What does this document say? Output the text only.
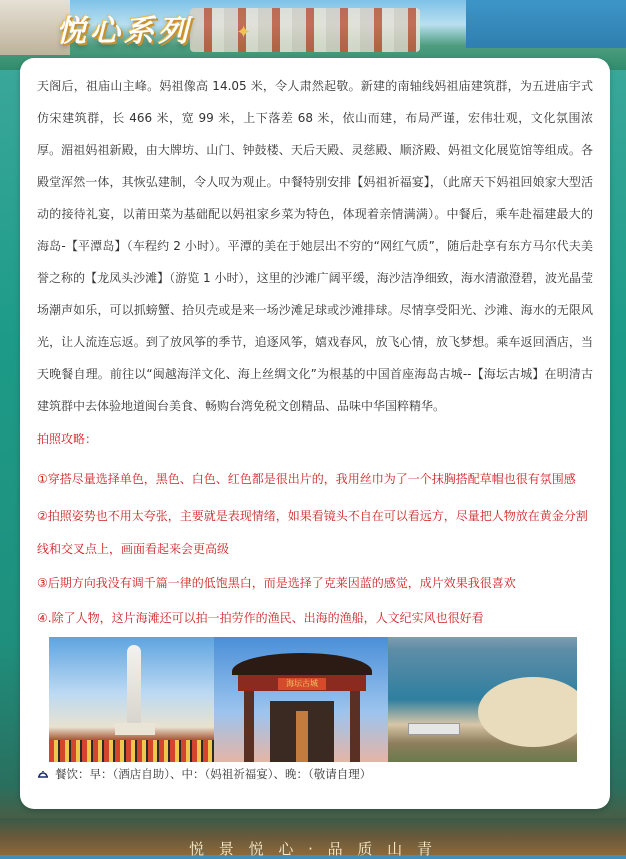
悦心系列 ✦

天阁后，祖庙山主峰。妈祖像高 14.05 米，令人肃然起敬。新建的南轴线妈祖庙建筑群，为五进庙宇式仿宋建筑群，长 466 米，宽 99 米，上下落差 68 米，依山而建，布局严谨，宏伟壮观，文化氛围浓厚。湄祖妈祖新殿，由大牌坊、山门、钟鼓楼、天后天殿、灵慈殿、顺济殿、妈祖文化展览馆等组成。各殿堂浑然一体，其恢弘建制，令人叹为观止。中餐特别安排【妈祖祈福宴】，（此席天下妈祖回娘家大型活动的接待礼宴，以莆田菜为基础配以妈祖家乡菜为特色，体现着亲情满满）。中餐后，乘车赴福建最大的海岛-【平潭岛】（车程约 2 小时）。平潭的美在于她层出不穷的“网红气质”，随后赴享有东方马尔代夫美誉之称的【龙凤头沙滩】（游览 1 小时），这里的沙滩广阔平缓，海沙洁净细致，海水清澈澄碧，波光晶莹场潮声如乐，可以抓螃蟹、拾贝壳或是来一场沙滩足球或沙滩排球。尽情享受阳光、沙滩、海水的无限风光，让人流连忘返。到了放风筝的季节，追逐风筝，嬉戏春风，放飞心情，放飞梦想。乘车返回酒店，当天晚餐自理。前往以“闽越海洋文化、海上丝绸文化”为根基的中国首座海岛古城--【海坛古城】在明清古建筑群中去体验地道闽台美食、畅购台湾免税文创精品、品味中华国粹精华。

拍照攻略：

①穿搭尽量选择单色，黑色、白色、红色都是很出片的，我用丝巾为了一个抹胸搭配草帽也很有氛围感

②拍照姿势也不用太夸张，主要就是表现情绪，如果看镜头不自在可以看远方，尽量把人物放在黄金分割线和交叉点上，画面看起来会更高级

③后期方向我没有调千篇一律的低饱黑白，而是选择了克莱因蓝的感觉，成片效果我很喜欢

④.除了人物，这片海滩还可以拍一拍劳作的渔民、出海的渔船，人文纪实风也很好看

海坛古城
餐饮：早：（酒店自助）、中：（妈祖祈福宴）、晚：（敬请自理）
悦 景 悦 心 · 品 质 山 青
